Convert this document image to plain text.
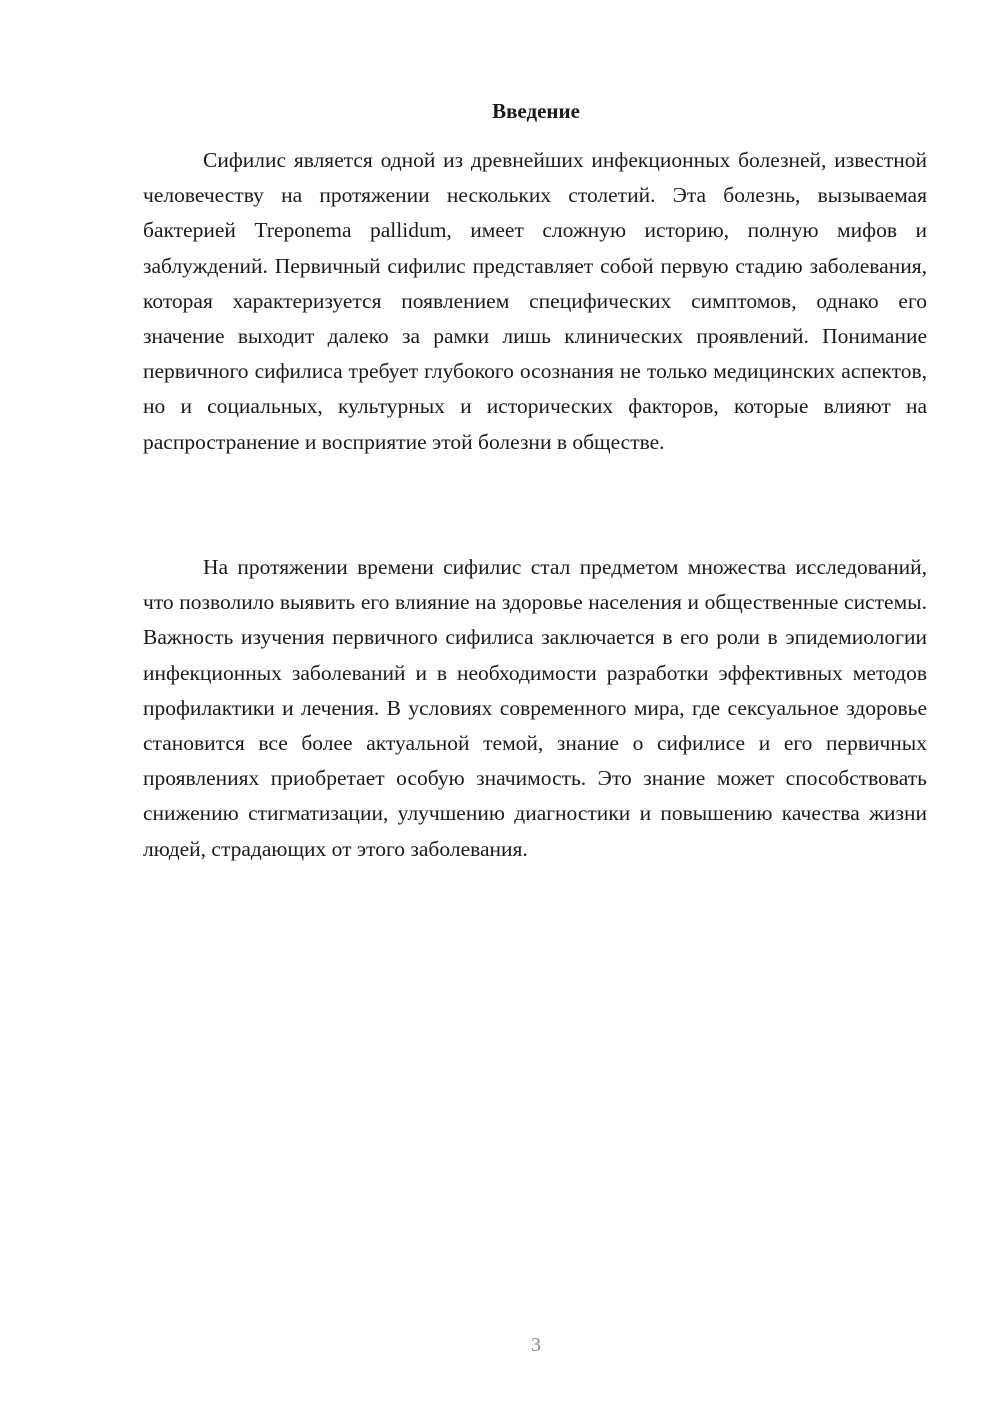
Введение

Сифилис является одной из древнейших инфекционных болезней, известной человечеству на протяжении нескольких столетий. Эта болезнь, вызываемая бактерией Treponema pallidum, имеет сложную историю, полную мифов и заблуждений. Первичный сифилис представляет собой первую стадию заболевания, которая характеризуется появлением специфических симптомов, однако его значение выходит далеко за рамки лишь клинических проявлений. Понимание первичного сифилиса требует глубокого осознания не только медицинских аспектов, но и социальных, культурных и исторических факторов, которые влияют на распространение и восприятие этой болезни в обществе.

На протяжении времени сифилис стал предметом множества исследований, что позволило выявить его влияние на здоровье населения и общественные системы. Важность изучения первичного сифилиса заключается в его роли в эпидемиологии инфекционных заболеваний и в необходимости разработки эффективных методов профилактики и лечения. В условиях современного мира, где сексуальное здоровье становится все более актуальной темой, знание о сифилисе и его первичных проявлениях приобретает особую значимость. Это знание может способствовать снижению стигматизации, улучшению диагностики и повышению качества жизни людей, страдающих от этого заболевания.

3
